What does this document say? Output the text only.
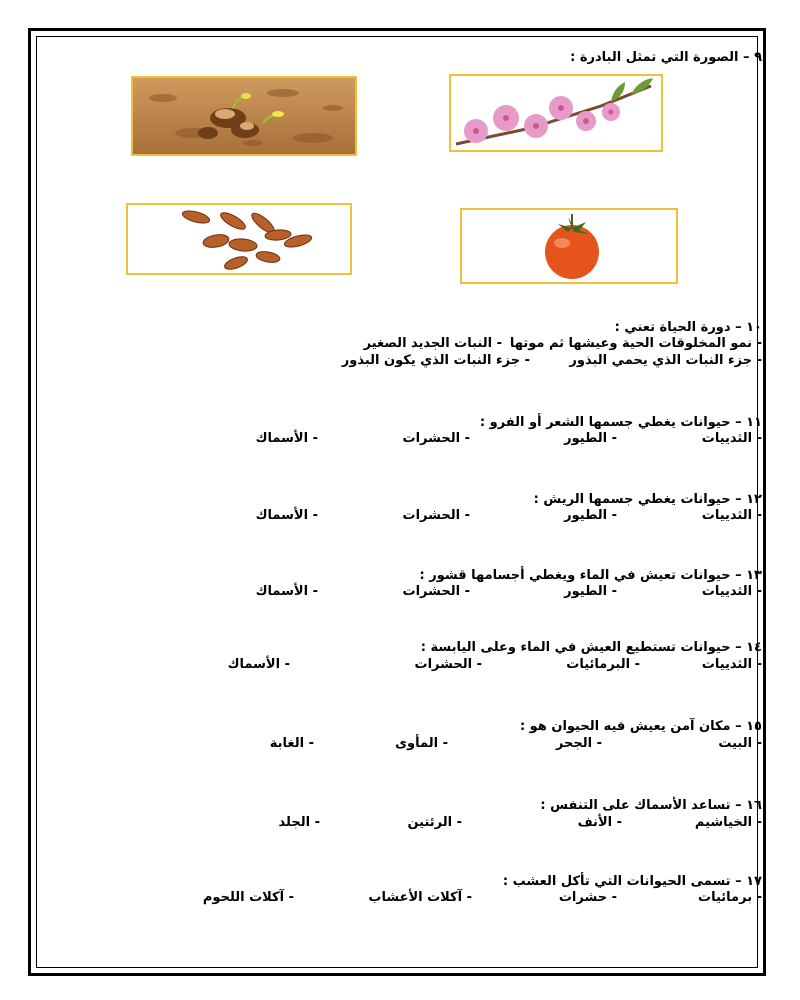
٩ – الصورة التي تمثل البادرة :
١٠ – دورة الحياة تعني :
- نمو المخلوقات الحية وعيشها ثم موتها
- النبات الجديد الصغير
- جزء النبات الذي يحمي البذور
- جزء النبات الذي يكون البذور
١١ – حيوانات يغطي جسمها الشعر أو الفرو :
- الثدييات
- الطيور
- الحشرات
- الأسماك
١٢ – حيوانات يغطي جسمها الريش :
- الثدييات
- الطيور
- الحشرات
- الأسماك
١٣ – حيوانات تعيش في الماء ويغطي أجسامها قشور :
- الثدييات
- الطيور
- الحشرات
- الأسماك
١٤ – حيوانات تستطيع العيش في الماء وعلى اليابسة :
- الثدييات
- البرمائيات
- الحشرات
- الأسماك
١٥ – مكان آمن يعيش فيه الحيوان هو :
- البيت
- الجحر
- المأوى
- الغابة
١٦ – تساعد الأسماك على التنفس :
- الخياشيم
- الأنف
- الرئتين
- الجلد
١٧ – تسمى الحيوانات التي تأكل العشب :
- برمائيات
- حشرات
- آكلات الأعشاب
- آكلات اللحوم
